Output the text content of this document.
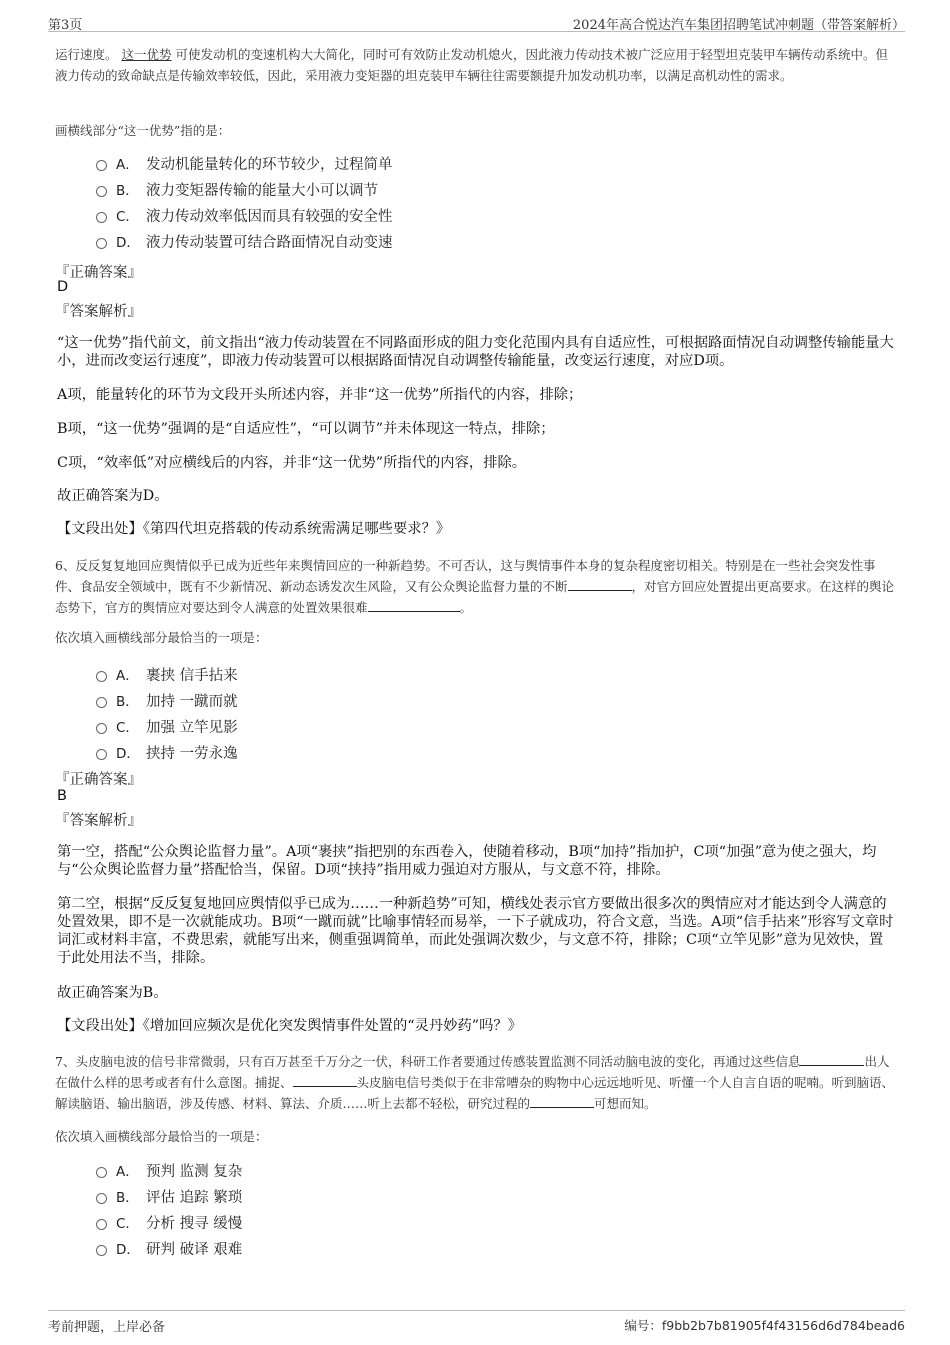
第3页	2024年高合悦达汽车集团招聘笔试冲刺题（带答案解析）
运行速度。 这一优势 可使发动机的变速机构大大简化，同时可有效防止发动机熄火，因此液力传动技术被广泛应用于轻型坦克装甲车辆传动系统中。但液力传动的致命缺点是传输效率较低，因此，采用液力变矩器的坦克装甲车辆往往需要额提升加发动机功率，以满足高机动性的需求。
画横线部分“这一优势”指的是：
A． 发动机能量转化的环节较少，过程简单
B． 液力变矩器传输的能量大小可以调节
C． 液力传动效率低因而具有较强的安全性
D． 液力传动装置可结合路面情况自动变速
『正确答案』
D
『答案解析』
“这一优势”指代前文，前文指出“液力传动装置在不同路面形成的阻力变化范围内具有自适应性，可根据路面情况自动调整传输能量大小，进而改变运行速度”，即液力传动装置可以根据路面情况自动调整传输能量，改变运行速度，对应D项。
A项，能量转化的环节为文段开头所述内容，并非“这一优势”所指代的内容，排除；
B项，“这一优势”强调的是“自适应性”，“可以调节”并未体现这一特点，排除；
C项，“效率低”对应横线后的内容，并非“这一优势”所指代的内容，排除。
故正确答案为D。
【文段出处】《第四代坦克搭载的传动系统需满足哪些要求？》
6、反反复复地回应舆情似乎已成为近些年来舆情回应的一种新趋势。不可否认，这与舆情事件本身的复杂程度密切相关。特别是在一些社会突发性事件、食品安全领域中，既有不少新情况、新动态诱发次生风险，又有公众舆论监督力量的不断	，对官方回应处置提出更高要求。在这样的舆论态势下，官方的舆情应对要达到令人满意的处置效果很难	。
依次填入画横线部分最恰当的一项是：
A． 裹挟 信手拈来
B． 加持 一蹴而就
C． 加强 立竿见影
D． 挟持 一劳永逸
『正确答案』
B
『答案解析』
第一空，搭配“公众舆论监督力量”。A项“裹挟”指把别的东西卷入，使随着移动，B项“加持”指加护，C项“加强”意为使之强大，均与“公众舆论监督力量”搭配恰当，保留。D项“挟持”指用威力强迫对方服从，与文意不符，排除。
第二空，根据“反反复复地回应舆情似乎已成为……一种新趋势”可知，横线处表示官方要做出很多次的舆情应对才能达到令人满意的处置效果，即不是一次就能成功。B项“一蹴而就”比喻事情轻而易举，一下子就成功，符合文意，当选。A项“信手拈来”形容写文章时词汇或材料丰富，不费思索，就能写出来，侧重强调简单，而此处强调次数少，与文意不符，排除；C项“立竿见影”意为见效快，置于此处用法不当，排除。
故正确答案为B。
【文段出处】《增加回应频次是优化突发舆情事件处置的“灵丹妙药”吗？》
7、头皮脑电波的信号非常微弱，只有百万甚至千万分之一伏，科研工作者要通过传感装置监测不同活动脑电波的变化，再通过这些信息	出人在做什么样的思考或者有什么意图。捕捉、	头皮脑电信号类似于在非常嘈杂的购物中心远远地听见、听懂一个人自言自语的呢喃。听到脑语、解读脑语、输出脑语，涉及传感、材料、算法、介质……听上去都不轻松，研究过程的	可想而知。
依次填入画横线部分最恰当的一项是：
A． 预判 监测 复杂
B． 评估 追踪 繁琐
C． 分析 搜寻 缓慢
D． 研判 破译 艰难
考前押题，上岸必备	编号：f9bb2b7b81905f4f43156d6d784bead6
